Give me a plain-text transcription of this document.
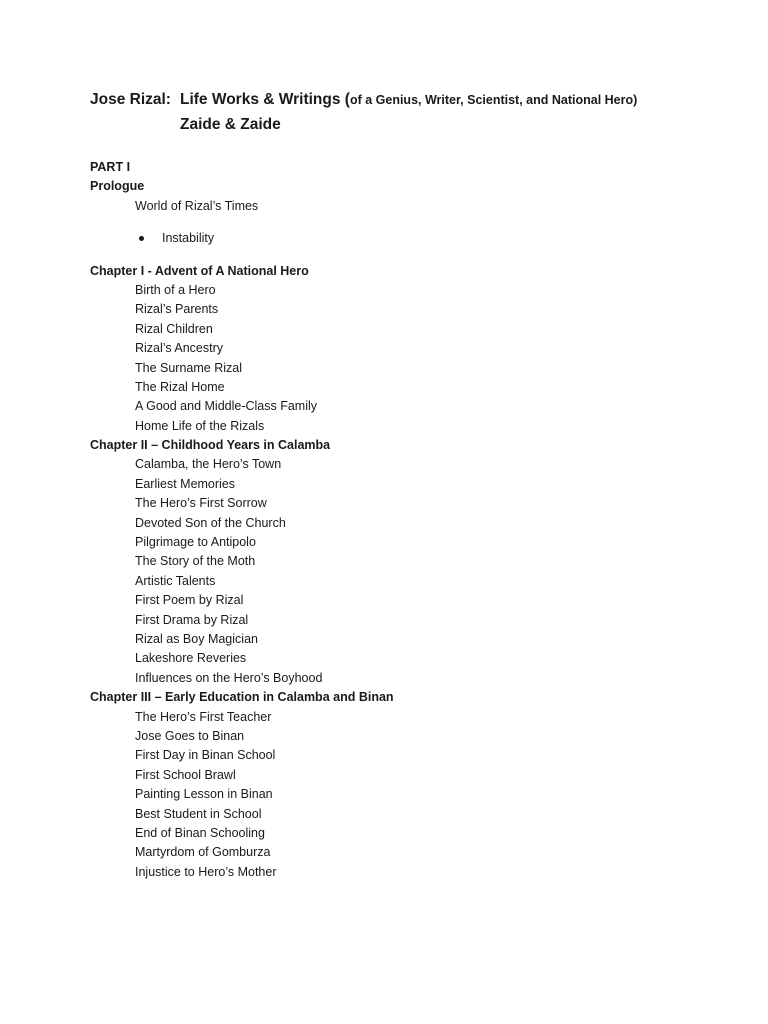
Jose Rizal: Life Works & Writings (of a Genius, Writer, Scientist, and National Hero)
Zaide & Zaide
PART I
Prologue
World of Rizal’s Times
Instability
Chapter I - Advent of A National Hero
Birth of a Hero
Rizal’s Parents
Rizal Children
Rizal’s Ancestry
The Surname Rizal
The Rizal Home
A Good and Middle-Class Family
Home Life of the Rizals
Chapter II – Childhood Years in Calamba
Calamba, the Hero’s Town
Earliest Memories
The Hero’s First Sorrow
Devoted Son of the Church
Pilgrimage to Antipolo
The Story of the Moth
Artistic Talents
First Poem by Rizal
First Drama by Rizal
Rizal as Boy Magician
Lakeshore Reveries
Influences on the Hero’s Boyhood
Chapter III – Early Education in Calamba and Binan
The Hero’s First Teacher
Jose Goes to Binan
First Day in Binan School
First School Brawl
Painting Lesson in Binan
Best Student in School
End of Binan Schooling
Martyrdom of Gomburza
Injustice to Hero’s Mother
